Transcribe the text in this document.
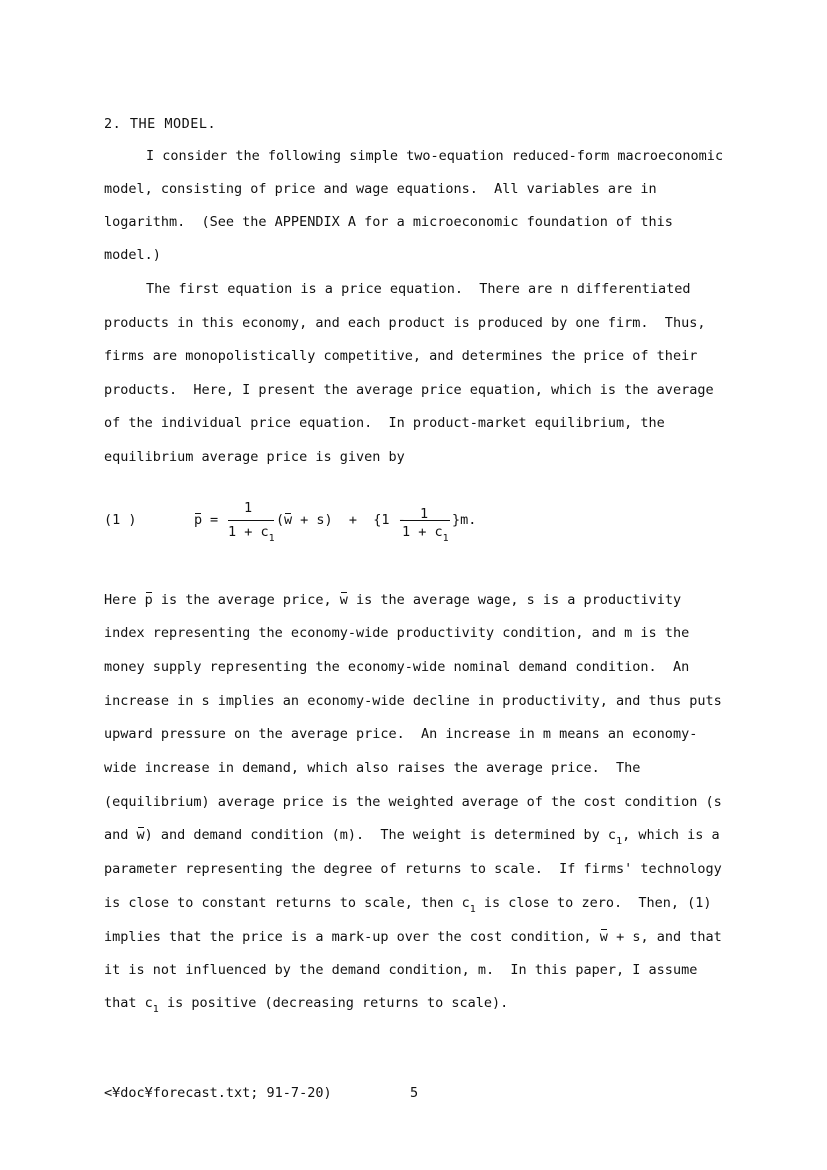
2. THE MODEL.
I consider the following simple two-equation reduced-form macroeconomic
model, consisting of price and wage equations.  All variables are in
logarithm.  (See the APPENDIX A for a microeconomic foundation of this
model.)
The first equation is a price equation.  There are n differentiated
products in this economy, and each product is produced by one firm.  Thus,
firms are monopolistically competitive, and determines the price of their
products.  Here, I present the average price equation, which is the average
of the individual price equation.  In product-market equilibrium, the
equilibrium average price is given by
(1 )	p =
1
$1 + c_1$
( w + s)  +  {1 - 1
$1 + c_1$
}m.
Here p is the average price, w is the average wage, s is a productivity
index representing the economy-wide productivity condition, and m is the
money supply representing the economy-wide nominal demand condition.  An
increase in s implies an economy-wide decline in productivity, and thus puts
upward pressure on the average price.  An increase in m means an economy-
wide increase in demand, which also raises the average price.  The
(equilibrium) average price is the weighted average of the cost condition (s
and w) and demand condition (m).  The weight is determined by $c_1$, which is a
parameter representing the degree of returns to scale.  If firms' technology
is close to constant returns to scale, then $c_1$ is close to zero.  Then, (1)
implies that the price is a mark-up over the cost condition, w + s, and that
it is not influenced by the demand condition, m.  In this paper, I assume
that $c_1$ is positive (decreasing returns to scale).
<¥doc¥forecast.txt; 91-7-20)	5
